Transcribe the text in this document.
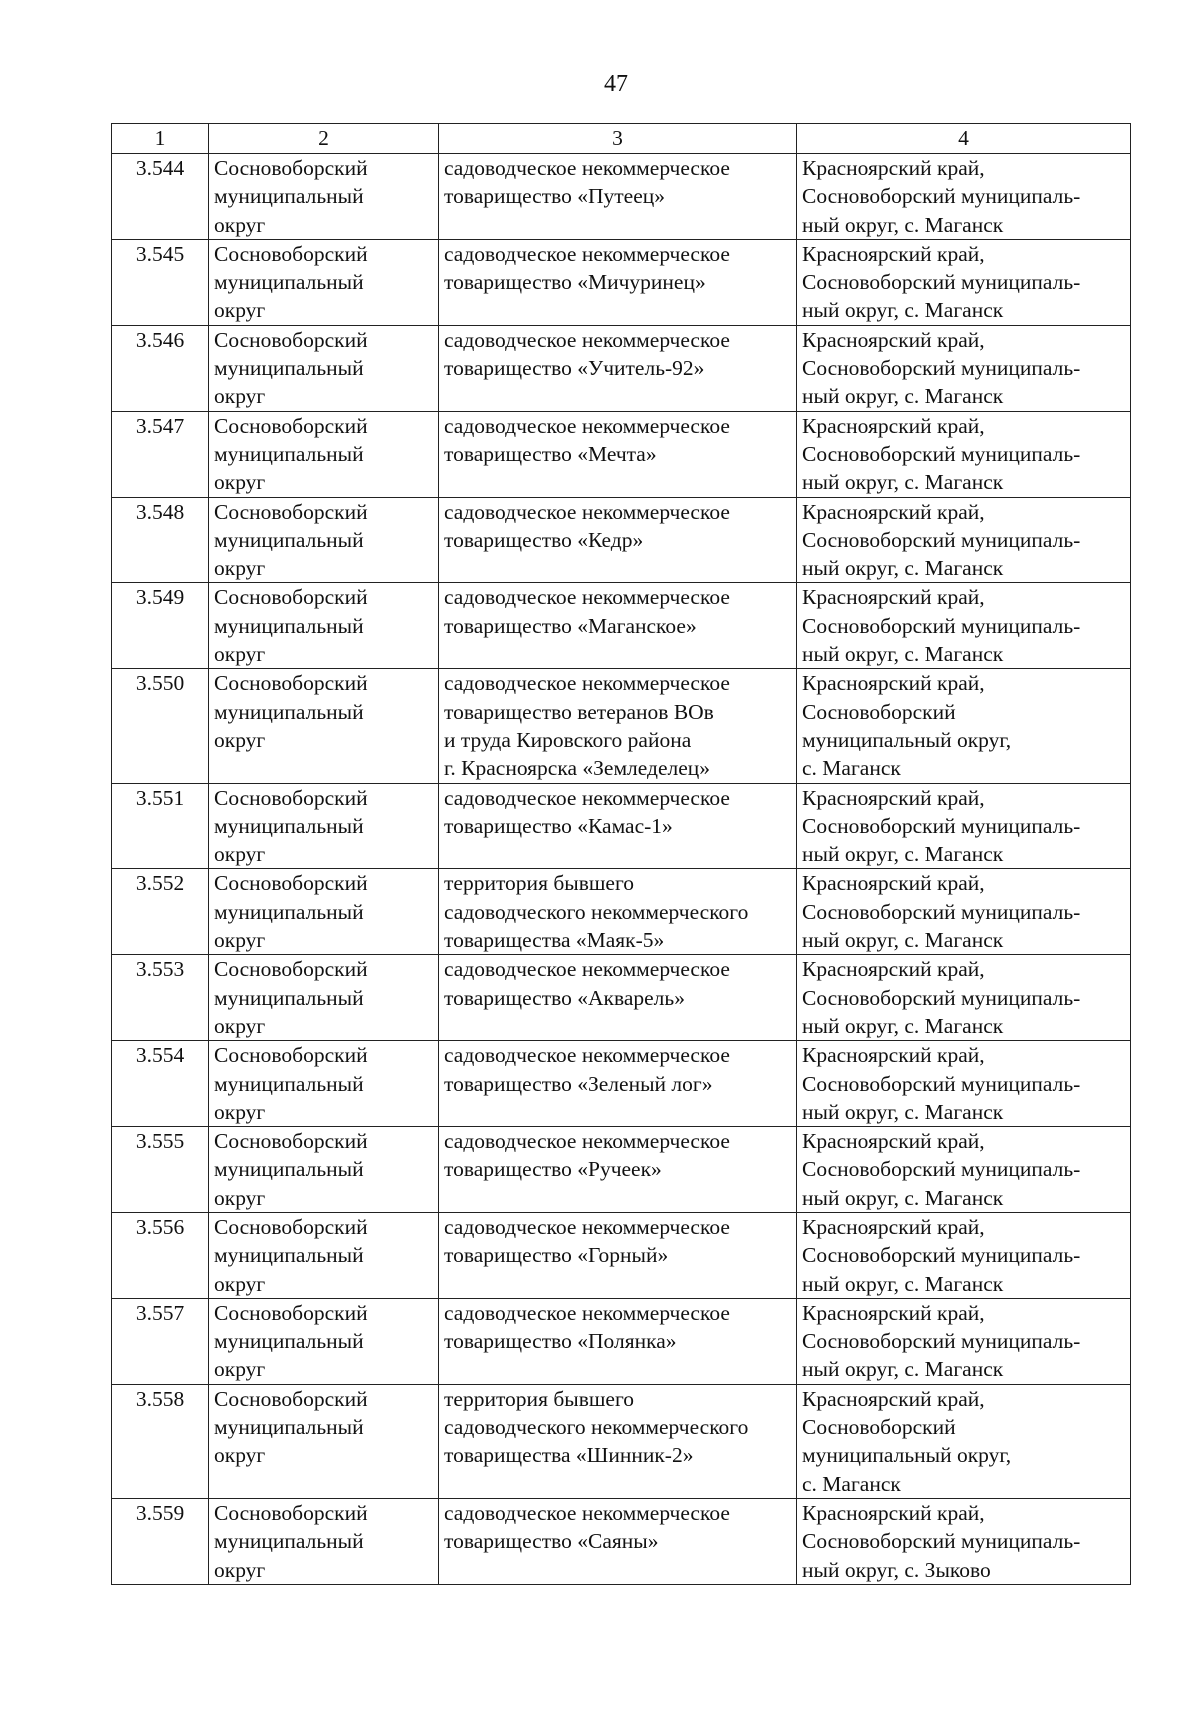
47
1	2	3	4
3.544	Сосновоборский
муниципальный
округ	садоводческое некоммерческое
товарищество «Путеец»	Красноярский край,
Сосновоборский муниципаль-
ный округ, с. Маганск

3.545	Сосновоборский
муниципальный
округ	садоводческое некоммерческое
товарищество «Мичуринец»	Красноярский край,
Сосновоборский муниципаль-
ный округ, с. Маганск

3.546	Сосновоборский
муниципальный
округ	садоводческое некоммерческое
товарищество «Учитель-92»	Красноярский край,
Сосновоборский муниципаль-
ный округ, с. Маганск

3.547	Сосновоборский
муниципальный
округ	садоводческое некоммерческое
товарищество «Мечта»	Красноярский край,
Сосновоборский муниципаль-
ный округ, с. Маганск

3.548	Сосновоборский
муниципальный
округ	садоводческое некоммерческое
товарищество «Кедр»	Красноярский край,
Сосновоборский муниципаль-
ный округ, с. Маганск

3.549	Сосновоборский
муниципальный
округ	садоводческое некоммерческое
товарищество «Маганское»	Красноярский край,
Сосновоборский муниципаль-
ный округ, с. Маганск

3.550	Сосновоборский
муниципальный
округ	садоводческое некоммерческое
товарищество ветеранов ВОв
и труда Кировского района
г. Красноярска «Земледелец»	Красноярский край,
Сосновоборский
муниципальный округ,
с. Маганск

3.551	Сосновоборский
муниципальный
округ	садоводческое некоммерческое
товарищество «Камас-1»	Красноярский край,
Сосновоборский муниципаль-
ный округ, с. Маганск

3.552	Сосновоборский
муниципальный
округ	территория бывшего
садоводческого некоммерческого
товарищества «Маяк-5»	Красноярский край,
Сосновоборский муниципаль-
ный округ, с. Маганск

3.553	Сосновоборский
муниципальный
округ	садоводческое некоммерческое
товарищество «Акварель»	Красноярский край,
Сосновоборский муниципаль-
ный округ, с. Маганск

3.554	Сосновоборский
муниципальный
округ	садоводческое некоммерческое
товарищество «Зеленый лог»	Красноярский край,
Сосновоборский муниципаль-
ный округ, с. Маганск

3.555	Сосновоборский
муниципальный
округ	садоводческое некоммерческое
товарищество «Ручеек»	Красноярский край,
Сосновоборский муниципаль-
ный округ, с. Маганск

3.556	Сосновоборский
муниципальный
округ	садоводческое некоммерческое
товарищество «Горный»	Красноярский край,
Сосновоборский муниципаль-
ный округ, с. Маганск

3.557	Сосновоборский
муниципальный
округ	садоводческое некоммерческое
товарищество «Полянка»	Красноярский край,
Сосновоборский муниципаль-
ный округ, с. Маганск

3.558	Сосновоборский
муниципальный
округ	территория бывшего
садоводческого некоммерческого
товарищества «Шинник-2»	Красноярский край,
Сосновоборский
муниципальный округ,
с. Маганск

3.559	Сосновоборский
муниципальный
округ	садоводческое некоммерческое
товарищество «Саяны»	Красноярский край,
Сосновоборский муниципаль-
ный округ, с. Зыково
